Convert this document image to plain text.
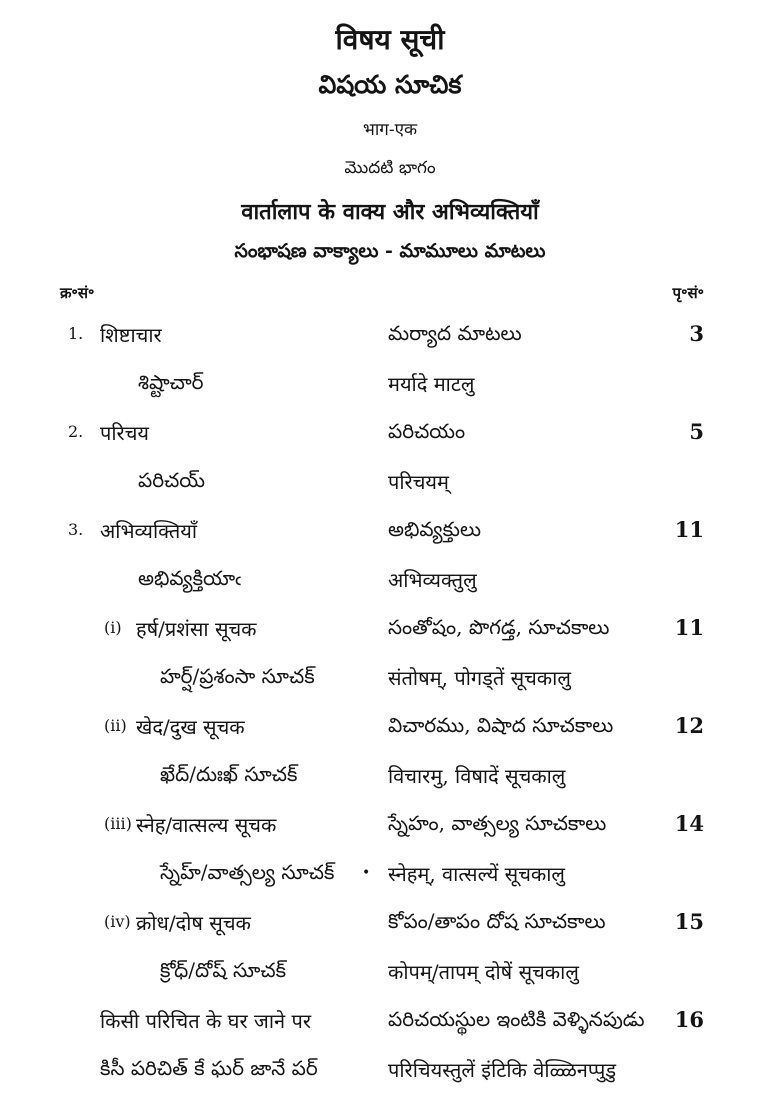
विषय सूची
విషయ సూచిక
भाग-एक
మొదటి భాగం
वार्तालाप के वाक्य और अभिव्यक्तियाँ
సంభాషణ వాక్యాలు - మామూలు మాటలు
क्र॰सं॰	पृ॰सं॰
1. शिष्टाचार	మర్యాద మాటలు	3
శిష్టాచార్	मर्यादे माटलु
2. परिचय	పరిచయం	5
పరిచయ్	परिचयम्
3. अभिव्यक्तियाँ	అభివ్యక్తులు	11
అభివ్యక్తియాఁ	अभिव्यक्तुलु
(i) हर्ष/प्रशंसा सूचक	సంతోషం, పొగడ్త, సూచకాలు	11
హర్ష్/ప్రశంసా సూచక్	संतोषम्, पोगड्तें सूचकालु
(ii) खेद/दुख सूचक	విచారము, విషాద సూచకాలు	12
ఖేద్/దుఃఖ్ సూచక్	विचारमु, विषादें सूचकालु
(iii) स्नेह/वात्सल्य सूचक	స్నేహం, వాత్సల్య సూచకాలు	14
స్నేహ్/వాత్సల్య సూచక్ • स्नेहम्, वात्सल्यें सूचकालु
(iv) क्रोध/दोष सूचक	కోపం/తాపం దోష సూచకాలు	15
క్రోధ్/దోష్ సూచక్	कोपम्/तापम् दोषें सूचकालु
किसी परिचित के घर जाने पर	పరిచయస్థుల ఇంటికి వెళ్ళినపుడు 16
కిసీ పరిచిత్ కే ఘర్ జానే పర్	परिचियस्तुलें इंटिकि वेळ्ळिनप्पुडु
